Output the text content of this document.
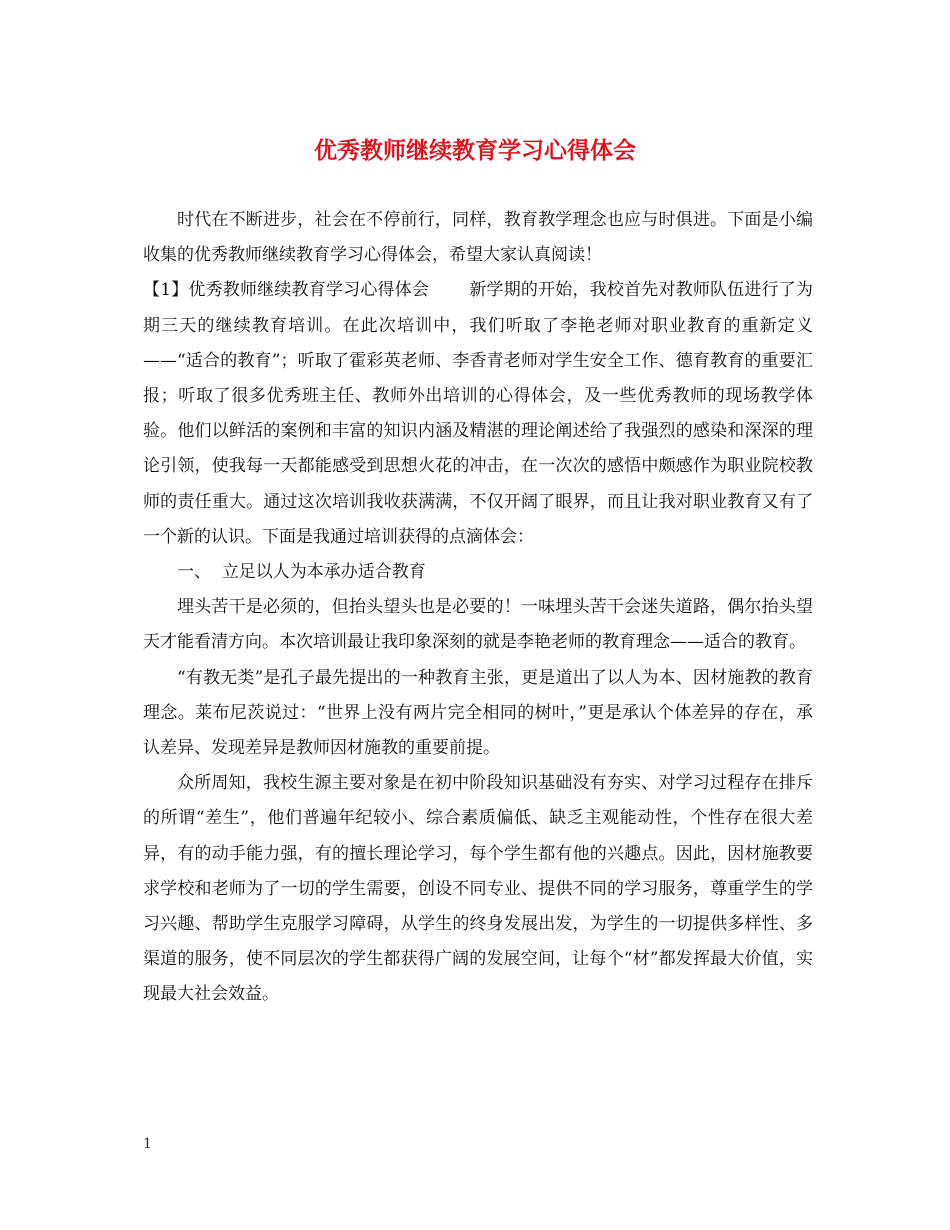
优秀教师继续教育学习心得体会

时代在不断进步，社会在不停前行，同样，教育教学理念也应与时俱进。下面是小编收集的优秀教师继续教育学习心得体会，希望大家认真阅读！

【1】优秀教师继续教育学习心得体会 新学期的开始，我校首先对教师队伍进行了为期三天的继续教育培训。在此次培训中，我们听取了李艳老师对职业教育的重新定义——“适合的教育”；听取了霍彩英老师、李香青老师对学生安全工作、德育教育的重要汇报；听取了很多优秀班主任、教师外出培训的心得体会，及一些优秀教师的现场教学体验。他们以鲜活的案例和丰富的知识内涵及精湛的理论阐述给了我强烈的感染和深深的理论引领，使我每一天都能感受到思想火花的冲击，在一次次的感悟中颇感作为职业院校教师的责任重大。通过这次培训我收获满满，不仅开阔了眼界，而且让我对职业教育又有了一个新的认识。下面是我通过培训获得的点滴体会：

一、 立足以人为本承办适合教育

埋头苦干是必须的，但抬头望头也是必要的！一味埋头苦干会迷失道路，偶尔抬头望天才能看清方向。本次培训最让我印象深刻的就是李艳老师的教育理念——适合的教育。

“有教无类”是孔子最先提出的一种教育主张，更是道出了以人为本、因材施教的教育理念。莱布尼茨说过：“世界上没有两片完全相同的树叶，”更是承认个体差异的存在，承认差异、发现差异是教师因材施教的重要前提。

众所周知，我校生源主要对象是在初中阶段知识基础没有夯实、对学习过程存在排斥的所谓“差生”，他们普遍年纪较小、综合素质偏低、缺乏主观能动性，个性存在很大差异，有的动手能力强，有的擅长理论学习，每个学生都有他的兴趣点。因此，因材施教要求学校和老师为了一切的学生需要，创设不同专业、提供不同的学习服务，尊重学生的学习兴趣、帮助学生克服学习障碍，从学生的终身发展出发，为学生的一切提供多样性、多渠道的服务，使不同层次的学生都获得广阔的发展空间，让每个“材”都发挥最大价值，实现最大社会效益。

1
